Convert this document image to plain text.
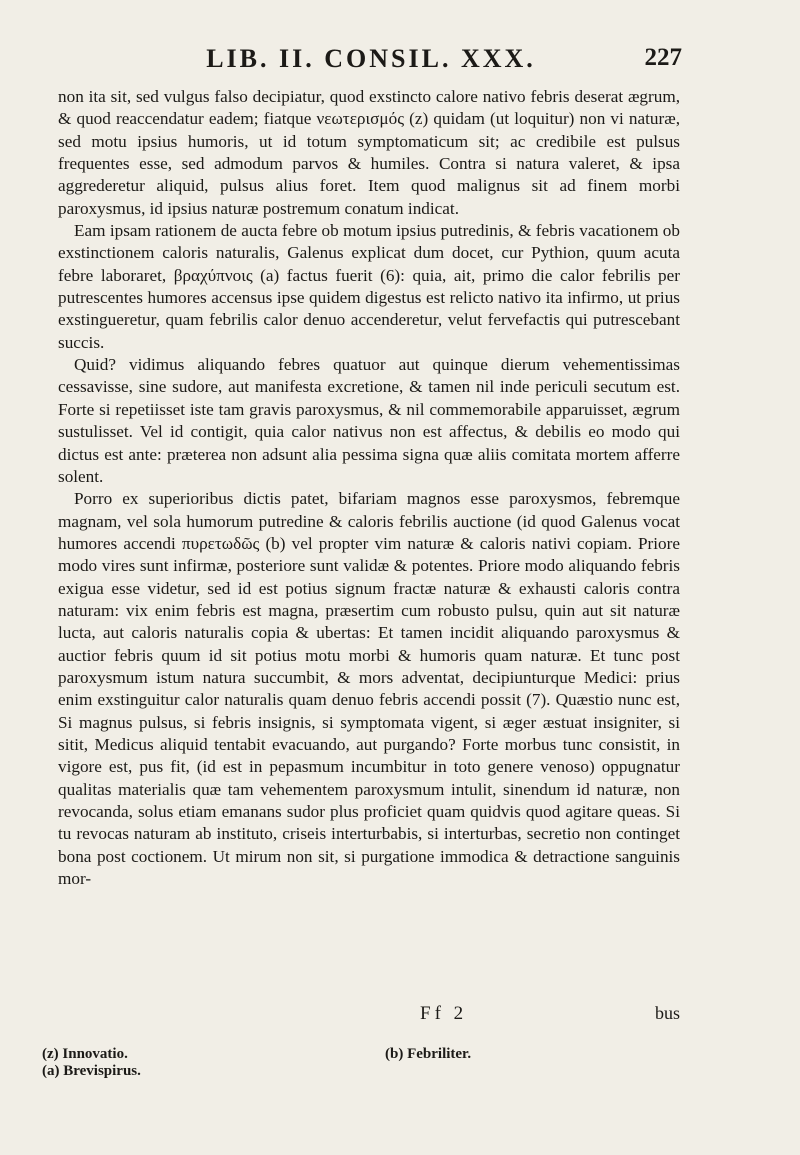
LIB. II. CONSIL. XXX.	227

non ita sit, sed vulgus falso decipiatur, quod exstincto calore nativo febris deserat ægrum, & quod reaccendatur eadem; fiatque νεωτερισμός (z) quidam (ut loquitur) non vi naturæ, sed motu ipsius humoris, ut id totum symptomaticum sit; ac credibile est pulsus frequentes esse, sed admodum parvos & humiles. Contra si natura valeret, & ipsa aggrederetur aliquid, pulsus alius foret. Item quod malignus sit ad finem morbi paroxysmus, id ipsius naturæ postremum conatum indicat.

Eam ipsam rationem de aucta febre ob motum ipsius putredinis, & febris vacationem ob exstinctionem caloris naturalis, Galenus explicat dum docet, cur Pythion, quum acuta febre laboraret, βραχύπνοις (a) factus fuerit (6): quia, ait, primo die calor febrilis per putrescentes humores accensus ipse quidem digestus est relicto nativo ita infirmo, ut prius exstingueretur, quam febrilis calor denuo accenderetur, velut fervefactis qui putrescebant succis.

Quid? vidimus aliquando febres quatuor aut quinque dierum vehementissimas cessavisse, sine sudore, aut manifesta excretione, & tamen nil inde periculi secutum est. Forte si repetiisset iste tam gravis paroxysmus, & nil commemorabile apparuisset, ægrum sustulisset. Vel id contigit, quia calor nativus non est affectus, & debilis eo modo qui dictus est ante: præterea non adsunt alia pessima signa quæ aliis comitata mortem afferre solent.

Porro ex superioribus dictis patet, bifariam magnos esse paroxysmos, febremque magnam, vel sola humorum putredine & caloris febrilis auctione (id quod Galenus vocat humores accendi πυρετωδῶς (b) vel propter vim naturæ & caloris nativi copiam. Priore modo vires sunt infirmæ, posteriore sunt validæ & potentes. Priore modo aliquando febris exigua esse videtur, sed id est potius signum fractæ naturæ & exhausti caloris contra naturam: vix enim febris est magna, præsertim cum robusto pulsu, quin aut sit naturæ lucta, aut caloris naturalis copia & ubertas: Et tamen incidit aliquando paroxysmus & auctior febris quum id sit potius motu morbi & humoris quam naturæ. Et tunc post paroxysmum istum natura succumbit, & mors adventat, decipiunturque Medici: prius enim exstinguitur calor naturalis quam denuo febris accendi possit (7). Quæstio nunc est, Si magnus pulsus, si febris insignis, si symptomata vigent, si æger æstuat insigniter, si sitit, Medicus aliquid tentabit evacuando, aut purgando? Forte morbus tunc consistit, in vigore est, pus fit, (id est in pepasmum incumbitur in toto genere venoso) oppugnatur qualitas materialis quæ tam vehementem paroxysmum intulit, sinendum id naturæ, non revocanda, solus etiam emanans sudor plus proficiet quam quidvis quod agitare queas. Si tu revocas naturam ab instituto, criseis interturbabis, si interturbas, secretio non continget bona post coctionem. Ut mirum non sit, si purgatione immodica & detractione sanguinis mor-

Ff 2	bus
(z) Innovatio.
(a) Brevispirus.
(b) Febriliter.
